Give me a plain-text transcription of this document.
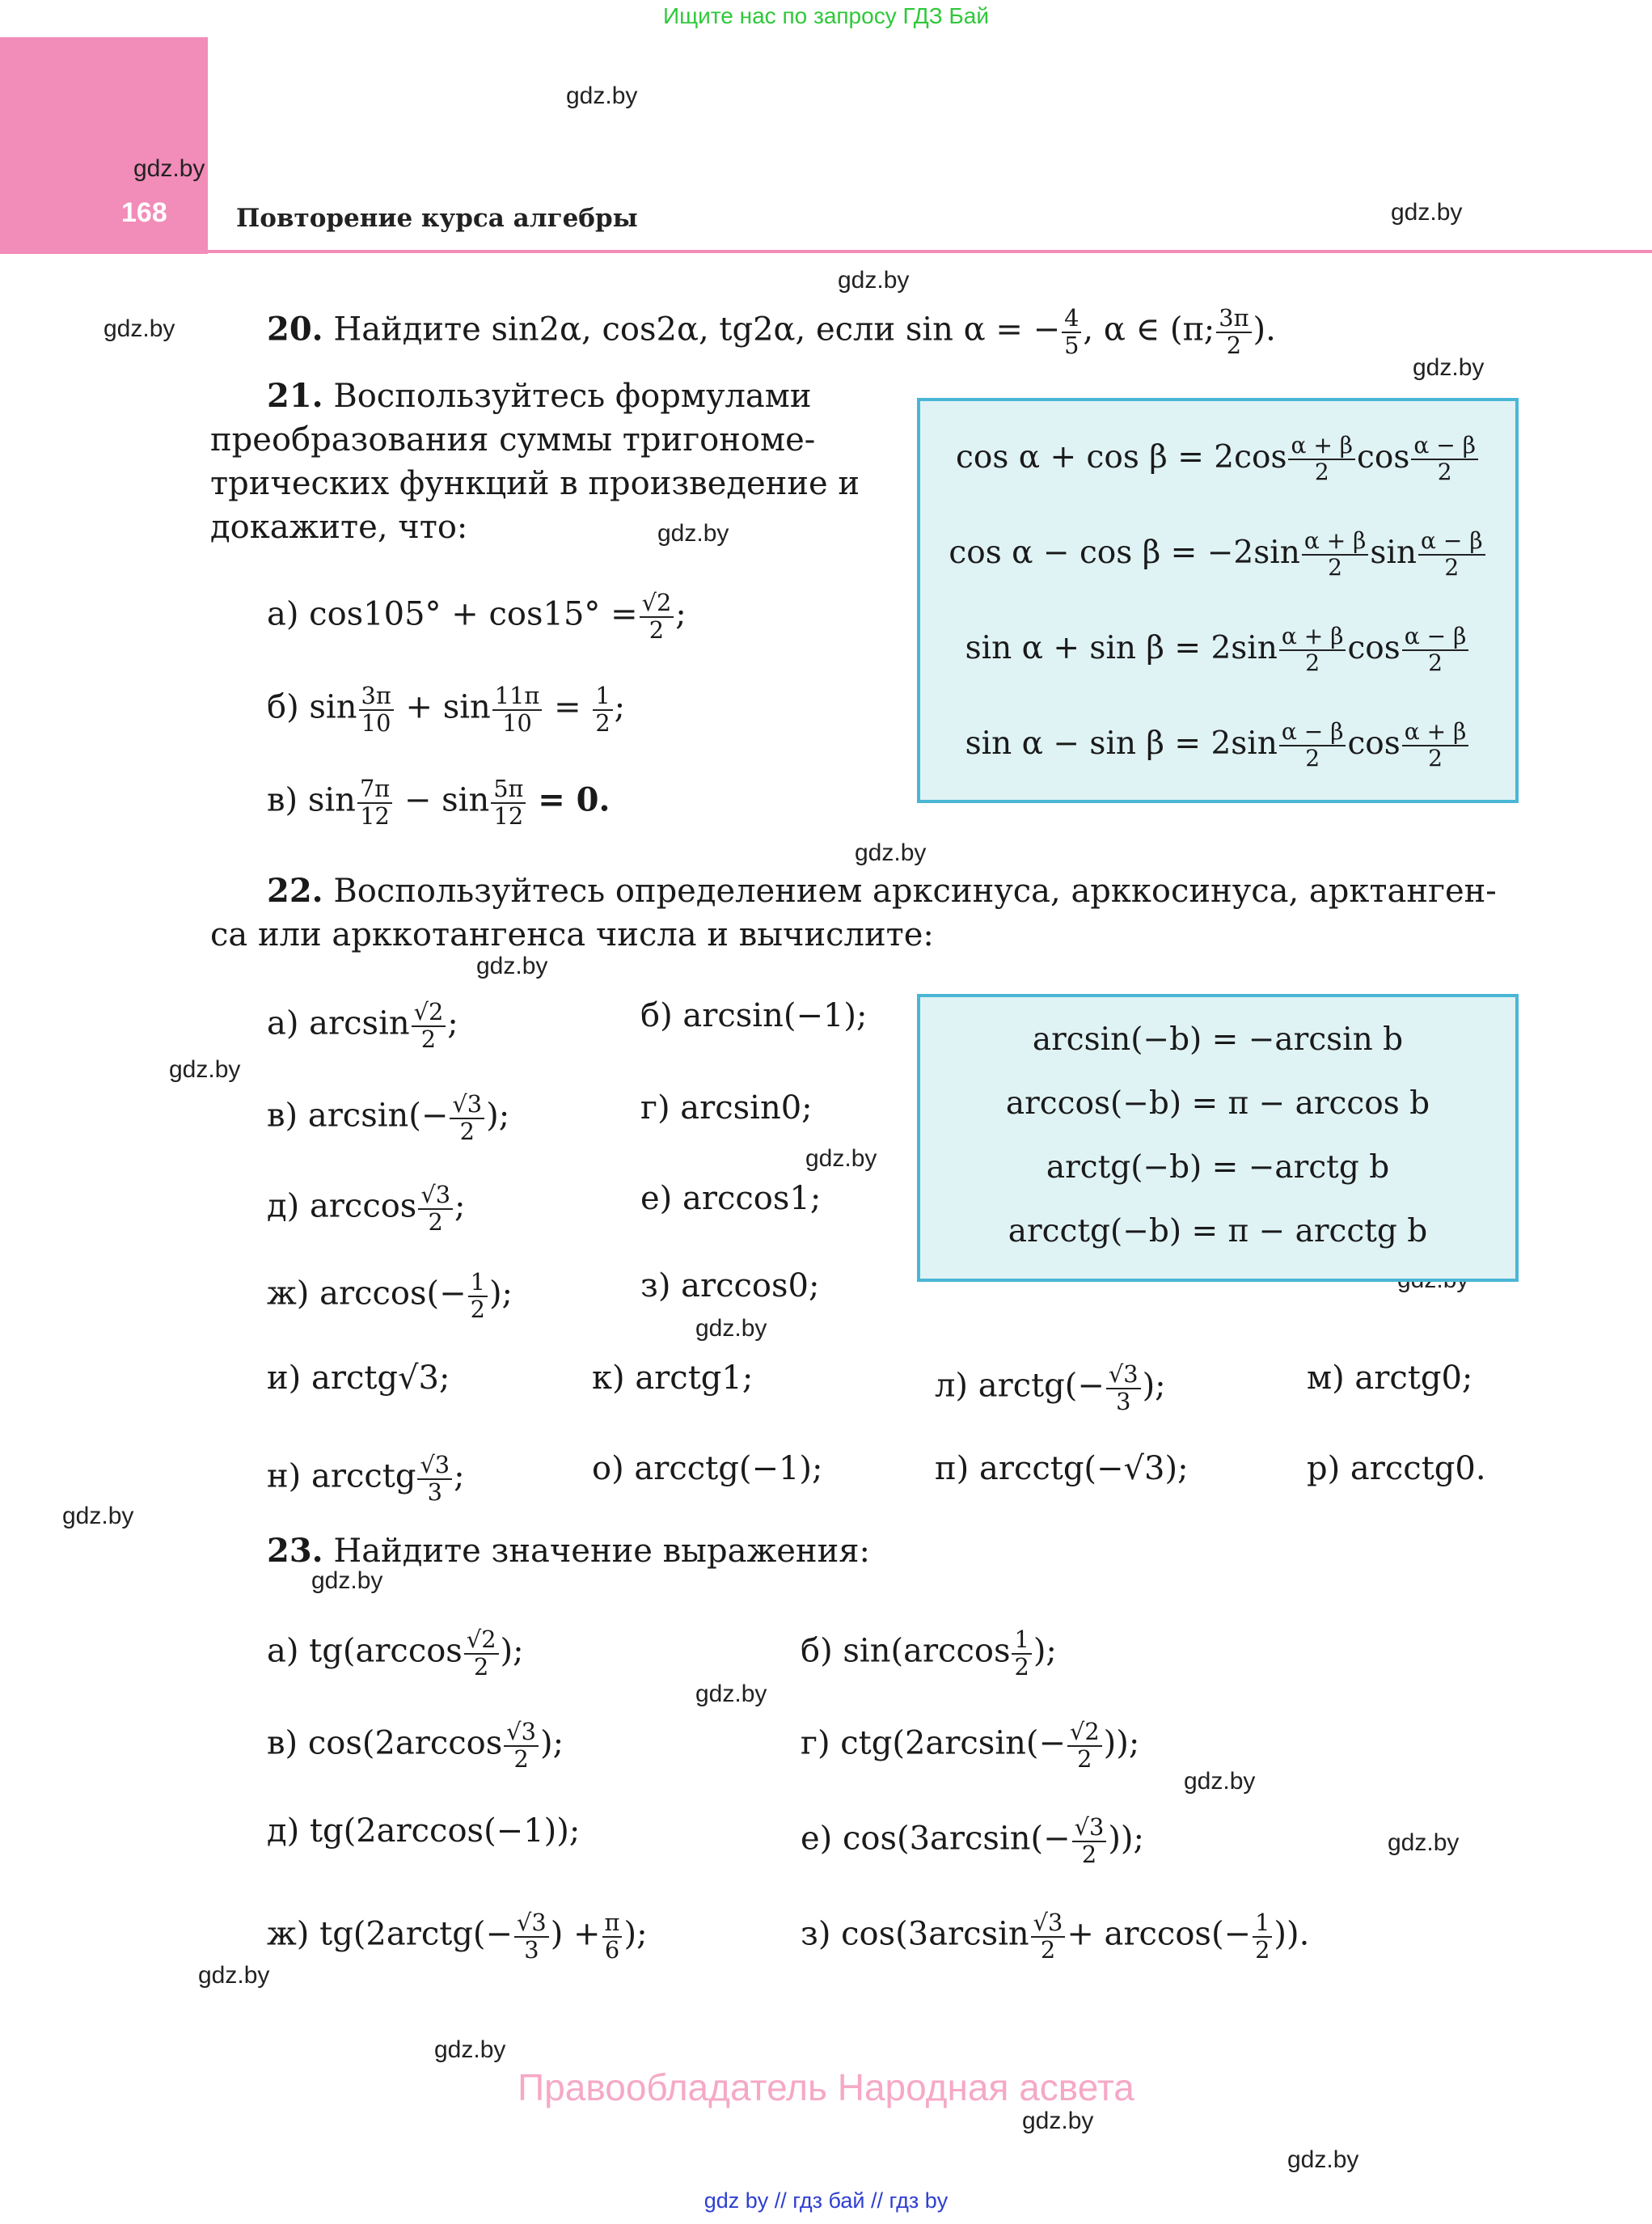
Ищите нас по запросу ГДЗ Бай
168	Повторение курса алгебры
gdz.by
gdz.by
gdz.by
gdz.by
gdz.by
gdz.by
gdz.by
gdz.by
gdz.by
gdz.by
gdz.by
gdz.by
gdz.by
gdz.by
gdz.by
gdz.by
gdz.by
gdz.by
gdz.by
gdz.by
gdz.by
20. Найдите sin2α, cos2α, tg2α, если sin α = − $\frac{4}{5}$ , α ∈ (π; $\frac{3\pi}{2}$ ).
21. Воспользуйтесь формулами
преобразования суммы тригономе-
трических функций в произведение и
докажите, что:
а) $\cos 105^\circ + \cos 15^\circ = \frac{√2}{2}$ ;
б) $\sin \frac{3\pi}{10} + \sin \frac{11\pi}{10} = \frac{1}{2}$ ;
в) $\sin \frac{7\pi}{12} - \sin \frac{5\pi}{12} = 0$.
$\cos \alpha + \cos \beta = 2\cos \frac{\alpha + \beta}{2}$ $\cos \frac{\alpha - \beta}{2}$
$\cos \alpha - \cos \beta = -2\sin \frac{\alpha + \beta}{2}$ $\sin \frac{\alpha - \beta}{2}$
$\sin \alpha + \sin \beta = 2\sin \frac{\alpha + \beta}{2}$ $\cos \frac{\alpha - \beta}{2}$
$\sin \alpha - \sin \beta = 2\sin \frac{\alpha - \beta}{2}$ $\cos \frac{\alpha + \beta}{2}$
22. Воспользуйтесь определением арксинуса, арккосинуса, арктанген-
са или арккотангенса числа и вычислите:
а) $\arcsin \frac{√2}{2}$ ;	б) arcsin(−1);
в) $\arcsin(- \frac{√3}{2}$ );	г) arcsin0;
д) $\arccos \frac{√3}{2}$ ;	е) arccos1;
ж) $\arccos(- \frac{1}{2}$ );	з) arccos0;
и) arctg√3;	к) arctg1;	л) arctg(− $\frac{√3}{3}$ );	м) arctg0;
н) arcctg $\frac{√3}{3}$ ;	о) arcctg(−1);	п) arcctg(−√3);	р) arcctg0.
arcsin(−b) = −arcsin b
arccos(−b) = π − arccos b
arctg(−b) = −arctg b
arcctg(−b) = π − arcctg b
23. Найдите значение выражения:
а) $tg(\arccos \frac{√2}{2}$ );	б) $\sin(\arccos \frac{1}{2}$ );
в) $\cos(2\arccos \frac{√3}{2}$ );	г) $ctg(2\arcsin(- \frac{√2}{2}$ ));
д) tg(2arccos(−1));	е) $\cos(3\arcsin(- \frac{√3}{2}$ ));
ж) tg(2arctg(− $\frac{√3}{3}$ ) + $\frac{\pi}{6}$ );	з) $\cos(3\arcsin \frac{√3}{2} + \arccos(- \frac{1}{2}$ )).
Правообладатель Народная асвета
gdz by // гдз бай // гдз by
